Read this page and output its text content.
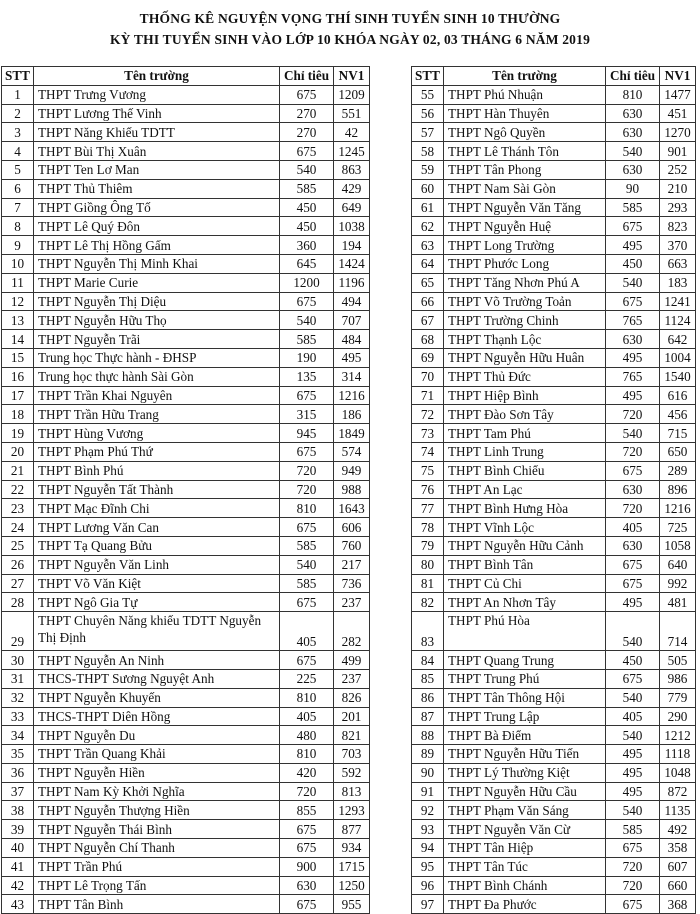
THỐNG KÊ NGUYỆN VỌNG THÍ SINH TUYỂN SINH 10 THƯỜNG
KỲ THI TUYỂN SINH VÀO LỚP 10 KHÓA NGÀY 02, 03 THÁNG 6 NĂM 2019
STT	Tên trường	Chỉ tiêu	NV1
1	THPT Trưng Vương	675	1209
2	THPT Lương Thế Vinh	270	551
3	THPT Năng Khiếu TDTT	270	42
4	THPT Bùi Thị Xuân	675	1245
5	THPT Ten Lơ Man	540	863
6	THPT Thủ Thiêm	585	429
7	THPT Giồng Ông Tố	450	649
8	THPT Lê Quý Đôn	450	1038
9	THPT Lê Thị Hồng Gấm	360	194
10	THPT Nguyễn Thị Minh Khai	645	1424
11	THPT Marie Curie	1200	1196
12	THPT Nguyễn Thị Diệu	675	494
13	THPT Nguyễn Hữu Thọ	540	707
14	THPT Nguyễn Trãi	585	484
15	Trung học Thực hành - ĐHSP	190	495
16	Trung học thực hành Sài Gòn	135	314
17	THPT Trần Khai Nguyên	675	1216
18	THPT Trần Hữu Trang	315	186
19	THPT Hùng Vương	945	1849
20	THPT Phạm Phú Thứ	675	574
21	THPT Bình Phú	720	949
22	THPT Nguyễn Tất Thành	720	988
23	THPT Mạc Đĩnh Chi	810	1643
24	THPT Lương Văn Can	675	606
25	THPT Tạ Quang Bửu	585	760
26	THPT Nguyễn Văn Linh	540	217
27	THPT Võ Văn Kiệt	585	736
28	THPT Ngô Gia Tự	675	237
29	THPT Chuyên Năng khiếu TDTT Nguyễn Thị Định	405	282
30	THPT Nguyễn An Ninh	675	499
31	THCS-THPT Sương Nguyệt Anh	225	237
32	THPT Nguyễn Khuyến	810	826
33	THCS-THPT Diên Hồng	405	201
34	THPT Nguyễn Du	480	821
35	THPT Trần Quang Khải	810	703
36	THPT Nguyễn Hiền	420	592
37	THPT Nam Kỳ Khởi Nghĩa	720	813
38	THPT Nguyễn Thượng Hiền	855	1293
39	THPT Nguyễn Thái Bình	675	877
40	THPT Nguyễn Chí Thanh	675	934
41	THPT Trần Phú	900	1715
42	THPT Lê Trọng Tấn	630	1250
43	THPT Tân Bình	675	955
STT	Tên trường	Chỉ tiêu	NV1
55	THPT Phú Nhuận	810	1477
56	THPT Hàn Thuyên	630	451
57	THPT Ngô Quyền	630	1270
58	THPT Lê Thánh Tôn	540	901
59	THPT Tân Phong	630	252
60	THPT Nam Sài Gòn	90	210
61	THPT Nguyễn Văn Tăng	585	293
62	THPT Nguyễn Huệ	675	823
63	THPT Long Trường	495	370
64	THPT Phước Long	450	663
65	THPT Tăng Nhơn Phú A	540	183
66	THPT Võ Trường Toản	675	1241
67	THPT Trường Chinh	765	1124
68	THPT Thạnh Lộc	630	642
69	THPT Nguyễn Hữu Huân	495	1004
70	THPT Thủ Đức	765	1540
71	THPT Hiệp Bình	495	616
72	THPT Đào Sơn Tây	720	456
73	THPT Tam Phú	540	715
74	THPT Linh Trung	720	650
75	THPT Bình Chiểu	675	289
76	THPT An Lạc	630	896
77	THPT Bình Hưng Hòa	720	1216
78	THPT Vĩnh Lộc	405	725
79	THPT Nguyễn Hữu Cảnh	630	1058
80	THPT Bình Tân	675	640
81	THPT Củ Chi	675	992
82	THPT An Nhơn Tây	495	481
83	THPT Phú Hòa	540	714
84	THPT Quang Trung	450	505
85	THPT Trung Phú	675	986
86	THPT Tân Thông Hội	540	779
87	THPT Trung Lập	405	290
88	THPT Bà Điểm	540	1212
89	THPT Nguyễn Hữu Tiến	495	1118
90	THPT Lý Thường Kiệt	495	1048
91	THPT Nguyễn Hữu Cầu	495	872
92	THPT Phạm Văn Sáng	540	1135
93	THPT Nguyễn Văn Cừ	585	492
94	THPT Tân Hiệp	675	358
95	THPT Tân Túc	720	607
96	THPT Bình Chánh	720	660
97	THPT Đa Phước	675	368
